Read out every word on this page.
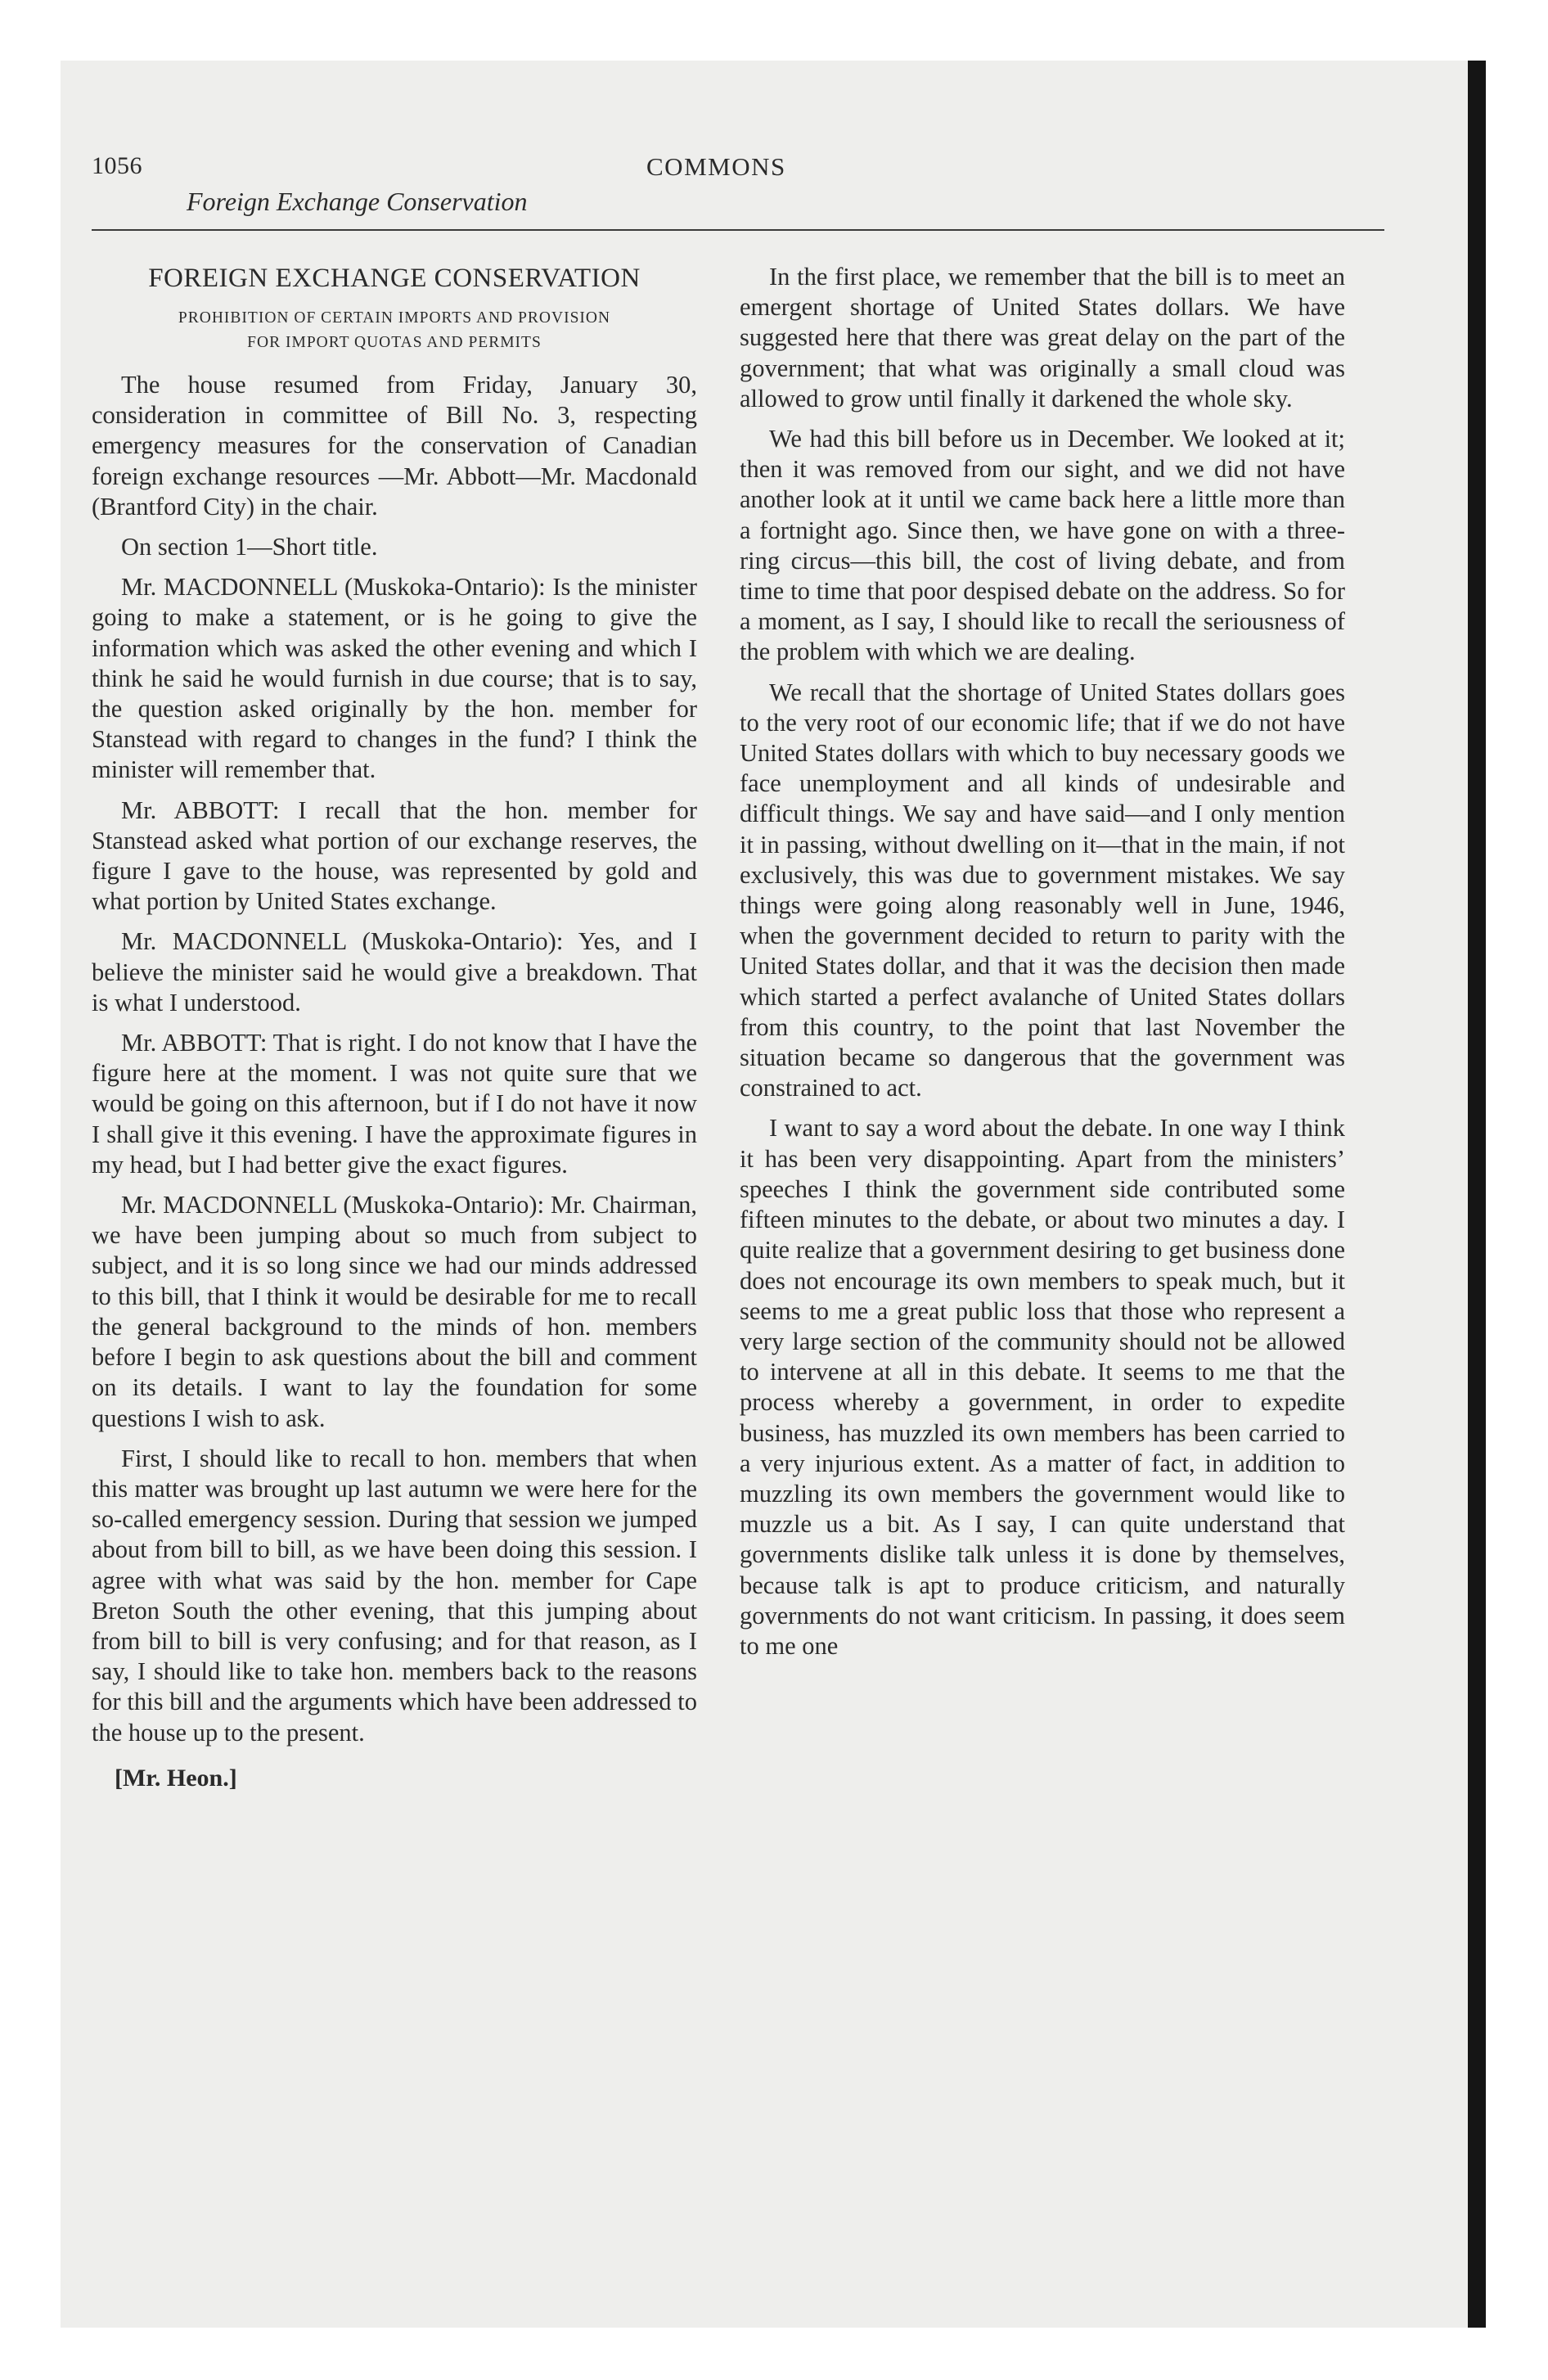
1056	COMMONS
Foreign Exchange Conservation
FOREIGN EXCHANGE CONSERVATION
PROHIBITION OF CERTAIN IMPORTS AND PROVISION
FOR IMPORT QUOTAS AND PERMITS

The house resumed from Friday, January 30, consideration in committee of Bill No. 3, respecting emergency measures for the conservation of Canadian foreign exchange resources —Mr. Abbott—Mr. Macdonald (Brantford City) in the chair.

On section 1—Short title.

Mr. MACDONNELL (Muskoka-Ontario): Is the minister going to make a statement, or is he going to give the information which was asked the other evening and which I think he said he would furnish in due course; that is to say, the question asked originally by the hon. member for Stanstead with regard to changes in the fund? I think the minister will remember that.

Mr. ABBOTT: I recall that the hon. member for Stanstead asked what portion of our exchange reserves, the figure I gave to the house, was represented by gold and what portion by United States exchange.

Mr. MACDONNELL (Muskoka-Ontario): Yes, and I believe the minister said he would give a breakdown. That is what I understood.

Mr. ABBOTT: That is right. I do not know that I have the figure here at the moment. I was not quite sure that we would be going on this afternoon, but if I do not have it now I shall give it this evening. I have the approximate figures in my head, but I had better give the exact figures.

Mr. MACDONNELL (Muskoka-Ontario): Mr. Chairman, we have been jumping about so much from subject to subject, and it is so long since we had our minds addressed to this bill, that I think it would be desirable for me to recall the general background to the minds of hon. members before I begin to ask questions about the bill and comment on its details. I want to lay the foundation for some questions I wish to ask.

First, I should like to recall to hon. members that when this matter was brought up last autumn we were here for the so-called emergency session. During that session we jumped about from bill to bill, as we have been doing this session. I agree with what was said by the hon. member for Cape Breton South the other evening, that this jumping about from bill to bill is very confusing; and for that reason, as I say, I should like to take hon. members back to the reasons for this bill and the arguments which have been addressed to the house up to the present.

[Mr. Heon.]

In the first place, we remember that the bill is to meet an emergent shortage of United States dollars. We have suggested here that there was great delay on the part of the government; that what was originally a small cloud was allowed to grow until finally it darkened the whole sky.

We had this bill before us in December. We looked at it; then it was removed from our sight, and we did not have another look at it until we came back here a little more than a fortnight ago. Since then, we have gone on with a three-ring circus—this bill, the cost of living debate, and from time to time that poor despised debate on the address. So for a moment, as I say, I should like to recall the seriousness of the problem with which we are dealing.

We recall that the shortage of United States dollars goes to the very root of our economic life; that if we do not have United States dollars with which to buy necessary goods we face unemployment and all kinds of undesirable and difficult things. We say and have said—and I only mention it in passing, without dwelling on it—that in the main, if not exclusively, this was due to government mistakes. We say things were going along reasonably well in June, 1946, when the government decided to return to parity with the United States dollar, and that it was the decision then made which started a perfect avalanche of United States dollars from this country, to the point that last November the situation became so dangerous that the government was constrained to act.

I want to say a word about the debate. In one way I think it has been very disappointing. Apart from the ministers’ speeches I think the government side contributed some fifteen minutes to the debate, or about two minutes a day. I quite realize that a government desiring to get business done does not encourage its own members to speak much, but it seems to me a great public loss that those who represent a very large section of the community should not be allowed to intervene at all in this debate. It seems to me that the process whereby a government, in order to expedite business, has muzzled its own members has been carried to a very injurious extent. As a matter of fact, in addition to muzzling its own members the government would like to muzzle us a bit. As I say, I can quite understand that governments dislike talk unless it is done by themselves, because talk is apt to produce criticism, and naturally governments do not want criticism. In passing, it does seem to me one
